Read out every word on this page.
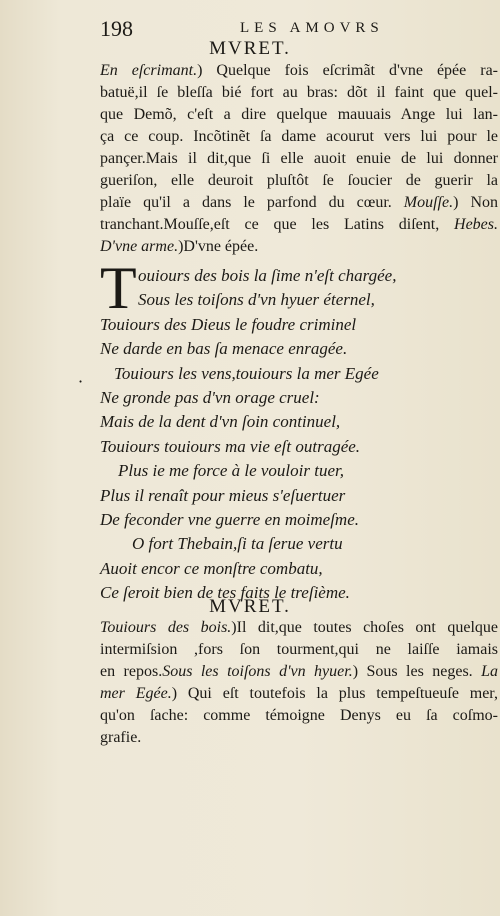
198	LES AMOVRS
MVRET.
En eſcrimant.) Quelque fois eſcrimãt d'vne épée ra-
batuë,il ſe bleſſa bié fort au bras: dõt il faint que quel-
que Demõ, c'eſt a dire quelque mauuais Ange lui lan-
ça ce coup. Incõtinẽt ſa dame acourut vers lui pour le
pançer.Mais il dit,que ſi elle auoit enuie de lui donner
gueriſon, elle deuroit pluſtôt ſe ſoucier de guerir la
plaïe qu'il a dans le parfond du cœur. Mouſſe.) Non
tranchant.Mouſſe,eſt ce que les Latins diſent, Hebes.
D'vne arme.)D'vne épée.
T ouiours des bois la ſime n'eſt chargée,
Sous les toiſons d'vn hyuer éternel,
Touiours des Dieus le foudre criminel
Ne darde en bas ſa menace enragée.
Touiours les vens,touiours la mer Egée
Ne gronde pas d'vn orage cruel:
Mais de la dent d'vn ſoin continuel,
Touiours touiours ma vie eſt outragée.
Plus ie me force à le vouloir tuer,
Plus il renaît pour mieus s'eſuertuer
De feconder vne guerre en moimeſme.
O fort Thebain,ſi ta ſerue vertu
Auoit encor ce monſtre combatu,
Ce ſeroit bien de tes faits le treſième.
·
MVRET.
Touiours des bois.)Il dit,que toutes choſes ont quelque
intermiſsion ,fors ſon tourment,qui ne laiſſe iamais
en repos.Sous les toiſons d'vn hyuer.) Sous les neges. La
mer Egée.) Qui eſt toutefois la plus tempeſtueuſe mer,
qu'on ſache: comme témoigne Denys eu ſa coſmo-
grafie.
